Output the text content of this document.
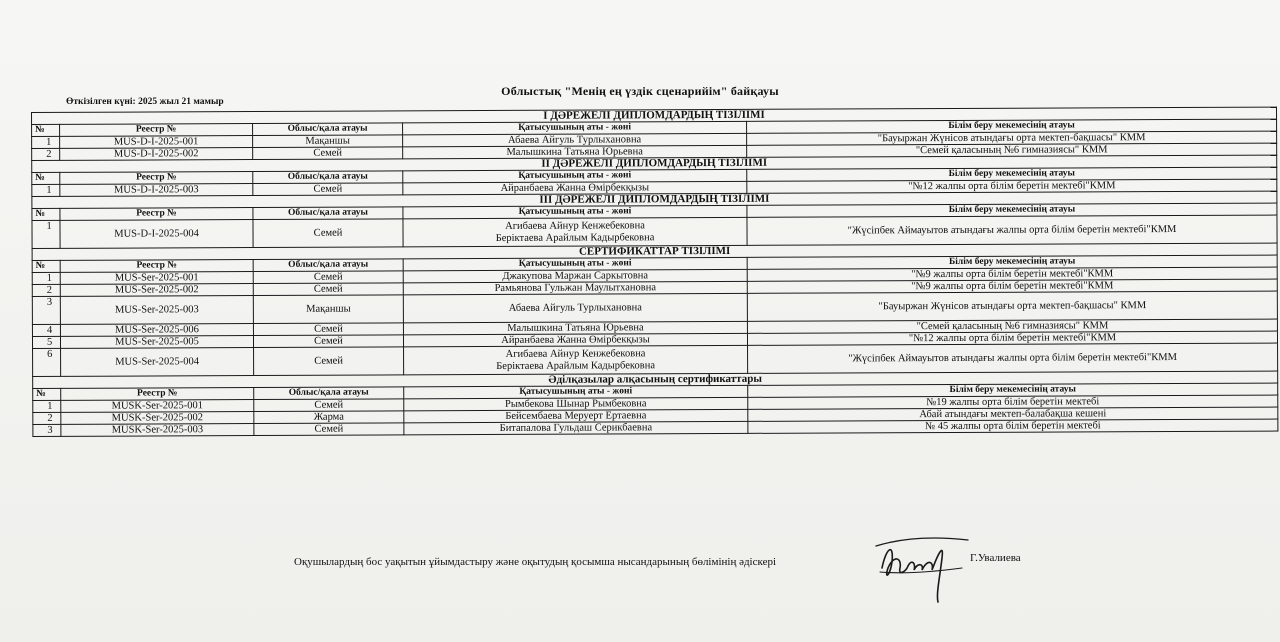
Облыстық "Менің ең үздік сценарийім" байқауы
Өткізілген күні: 2025 жыл 21 мамыр
I ДӘРЕЖЕЛІ ДИПЛОМДАРДЫҢ ТІЗІЛІМІ				
№	Реестр №	Облыс/қала атауы	Қатысушының аты - жөні	Білім беру мекемесінің атауы
1	MUS-D-I-2025-001	Мақаншы	Абаева Айгуль Турлыхановна	"Бауыржан Жүнісов атындағы орта мектеп-бақшасы" КММ
2	MUS-D-I-2025-002	Семей	Малышкина Татьяна Юрьевна	"Семей қаласының №6 гимназиясы" КММ
II ДӘРЕЖЕЛІ ДИПЛОМДАРДЫҢ ТІЗІЛІМІ				
№	Реестр №	Облыс/қала атауы	Қатысушының аты - жөні	Білім беру мекемесінің атауы
1	MUS-D-I-2025-003	Семей	Айранбаева Жанна Өмірбекқызы	"№12 жалпы орта білім беретін мектебі"КММ
III ДӘРЕЖЕЛІ ДИПЛОМДАРДЫҢ ТІЗІЛІМІ				
№	Реестр №	Облыс/қала атауы	Қатысушының аты - жөні	Білім беру мекемесінің атауы
1	MUS-D-I-2025-004	Семей	Агибаева Айнур Кенжебековна
Берiктаева Арайлым Кадырбековна	"Жүсіпбек Аймауытов атындағы жалпы орта білім беретін мектебі"КММ
СЕРТИФИКАТТАР ТІЗІЛІМІ				
№	Реестр №	Облыс/қала атауы	Қатысушының аты - жөні	Білім беру мекемесінің атауы
1	MUS-Ser-2025-001	Семей	Джакупова Маржан Саркытовна	"№9 жалпы орта білім беретін мектебі"КММ
2	MUS-Ser-2025-002	Семей	Рамьянова Гульжан Маулытхановна	"№9 жалпы орта білім беретін мектебі"КММ
3	MUS-Ser-2025-003	Мақаншы	Абаева Айгуль Турлыхановна	"Бауыржан Жүнісов атындағы орта мектеп-бақшасы" КММ
4	MUS-Ser-2025-006	Семей	Малышкина Татьяна Юрьевна	"Семей қаласының №6 гимназиясы" КММ
5	MUS-Ser-2025-005	Семей	Айранбаева Жанна Өмірбекқызы	"№12 жалпы орта білім беретін мектебі"КММ
6	MUS-Ser-2025-004	Семей	Агибаева Айнур Кенжебековна
Берiктаева Арайлым Кадырбековна	"Жүсіпбек Аймауытов атындағы жалпы орта білім беретін мектебі"КММ
Әділқазылар алқасының сертификаттары				
№	Реестр №	Облыс/қала атауы	Қатысушының аты - жөні	Білім беру мекемесінің атауы
1	MUSK-Ser-2025-001	Семей	Рымбекова Шынар Рымбековна	№19 жалпы орта білім беретін мектебі
2	MUSK-Ser-2025-002	Жарма	Бейсембаева Меруерт Ертаевна	Абай атындағы мектеп-балабақша кешені
3	MUSK-Ser-2025-003	Семей	Битапалова Гульдаш Серикбаевна	№ 45 жалпы орта білім беретін мектебі
Оқушылардың бос уақытын ұйымдастыру және оқытудың қосымша нысандарының бөлімінің әдіскері	Г.Увалиева
